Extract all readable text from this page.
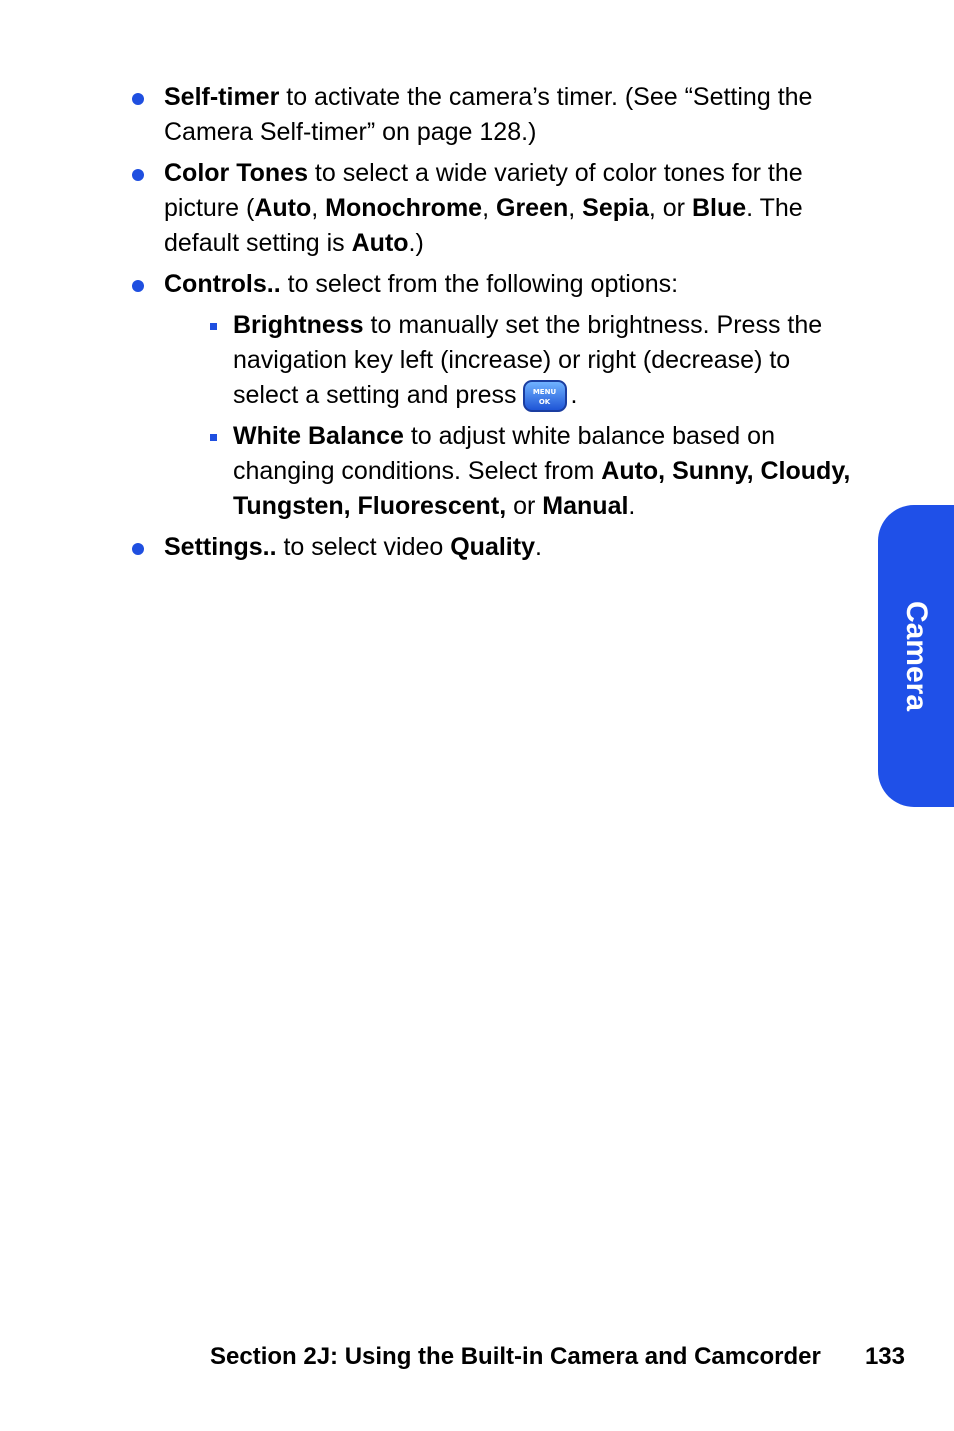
Self-timer to activate the camera’s timer. (See “Setting the Camera Self-timer” on page 128.)
Color Tones to select a wide variety of color tones for the picture (Auto, Monochrome, Green, Sepia, or Blue. The default setting is Auto.)
Controls.. to select from the following options:
Brightness to manually set the brightness. Press the navigation key left (increase) or right (decrease) to select a setting and press MENU
OK .
White Balance to adjust white balance based on changing conditions. Select from Auto, Sunny, Cloudy, Tungsten, Fluorescent, or Manual.
Settings.. to select video Quality.
Camera
Section 2J: Using the Built-in Camera and Camcorder 133
